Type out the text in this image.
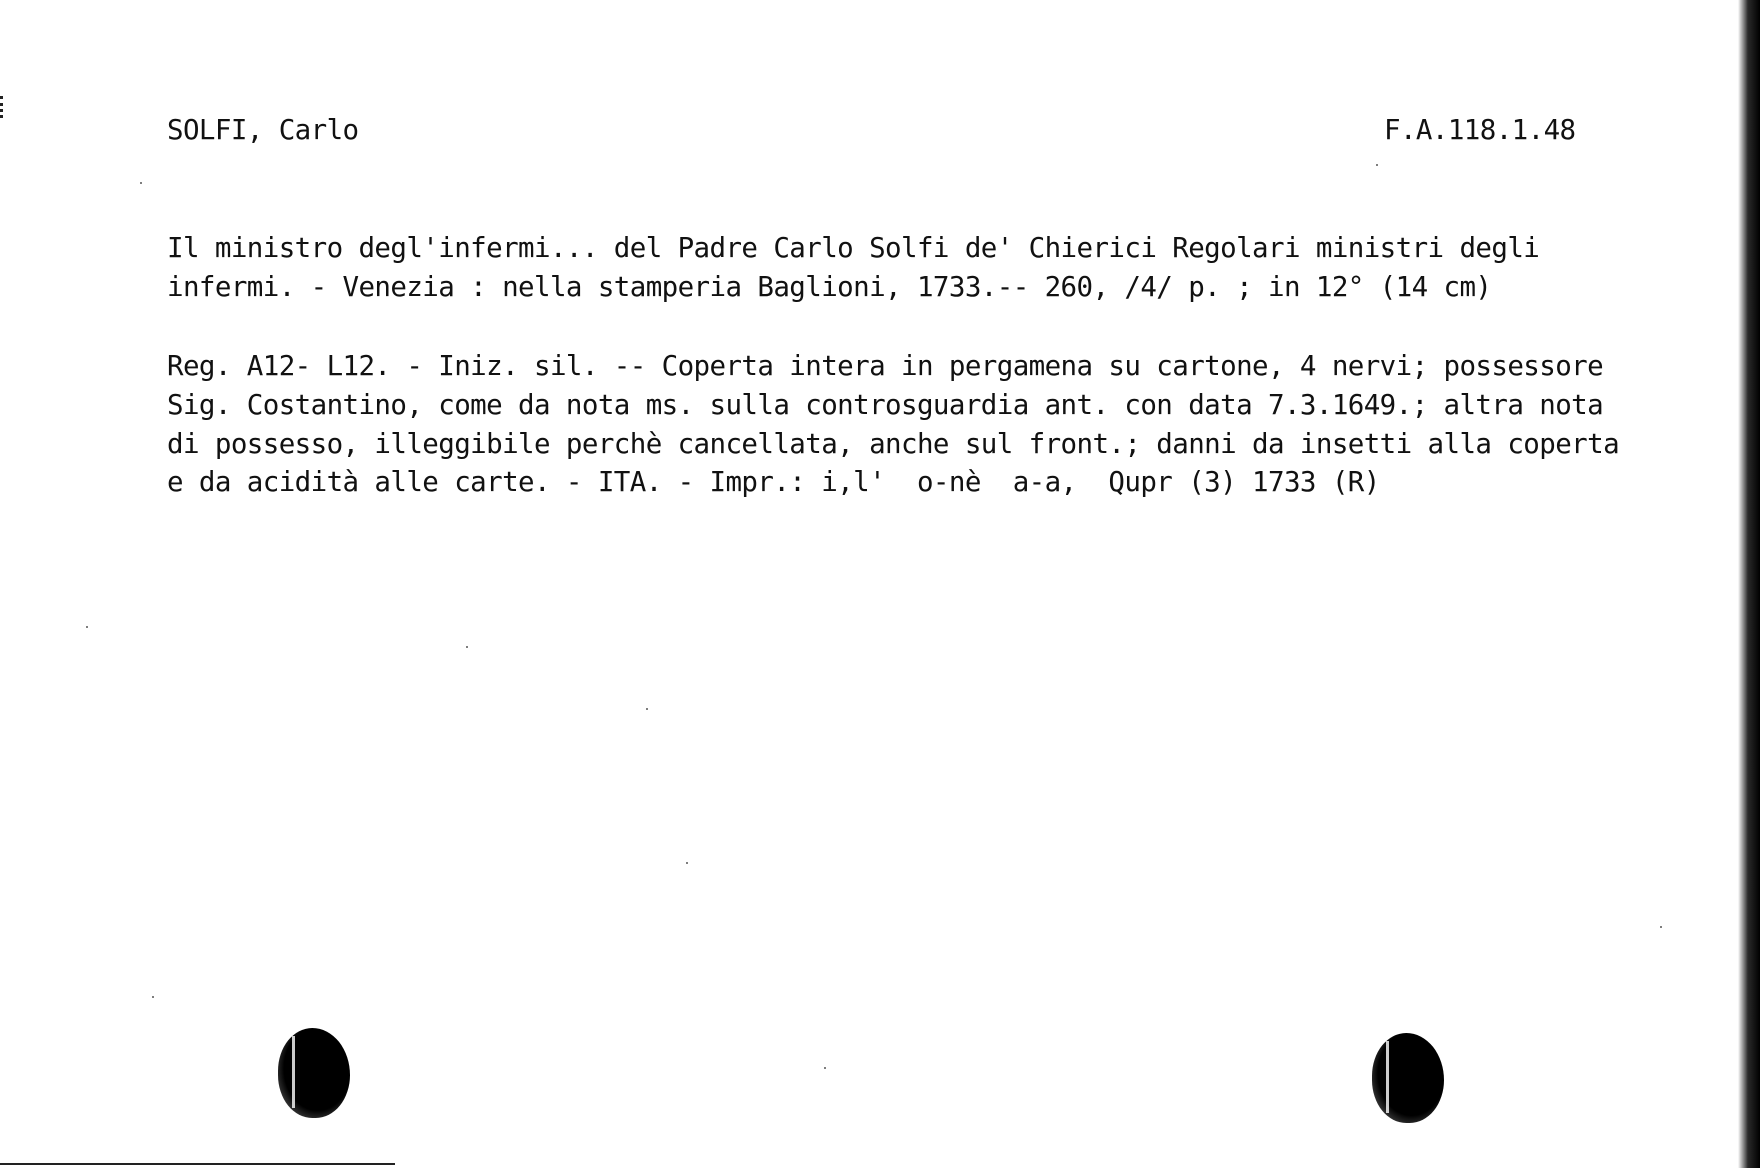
SOLFI, Carlo	F.A.118.1.48
Il ministro degl'infermi... del Padre Carlo Solfi de' Chierici Regolari ministri degli
infermi. - Venezia : nella stamperia Baglioni, 1733.-- 260, /4/ p. ; in 12° (14 cm)
Reg. A12- L12. - Iniz. sil. -- Coperta intera in pergamena su cartone, 4 nervi; possessore
Sig. Costantino, come da nota ms. sulla controsguardia ant. con data 7.3.1649.; altra nota
di possesso, illeggibile perchè cancellata, anche sul front.; danni da insetti alla coperta
e da acidità alle carte. - ITA. - Impr.: i,l'  o-nè  a-a,  Qupr (3) 1733 (R)
